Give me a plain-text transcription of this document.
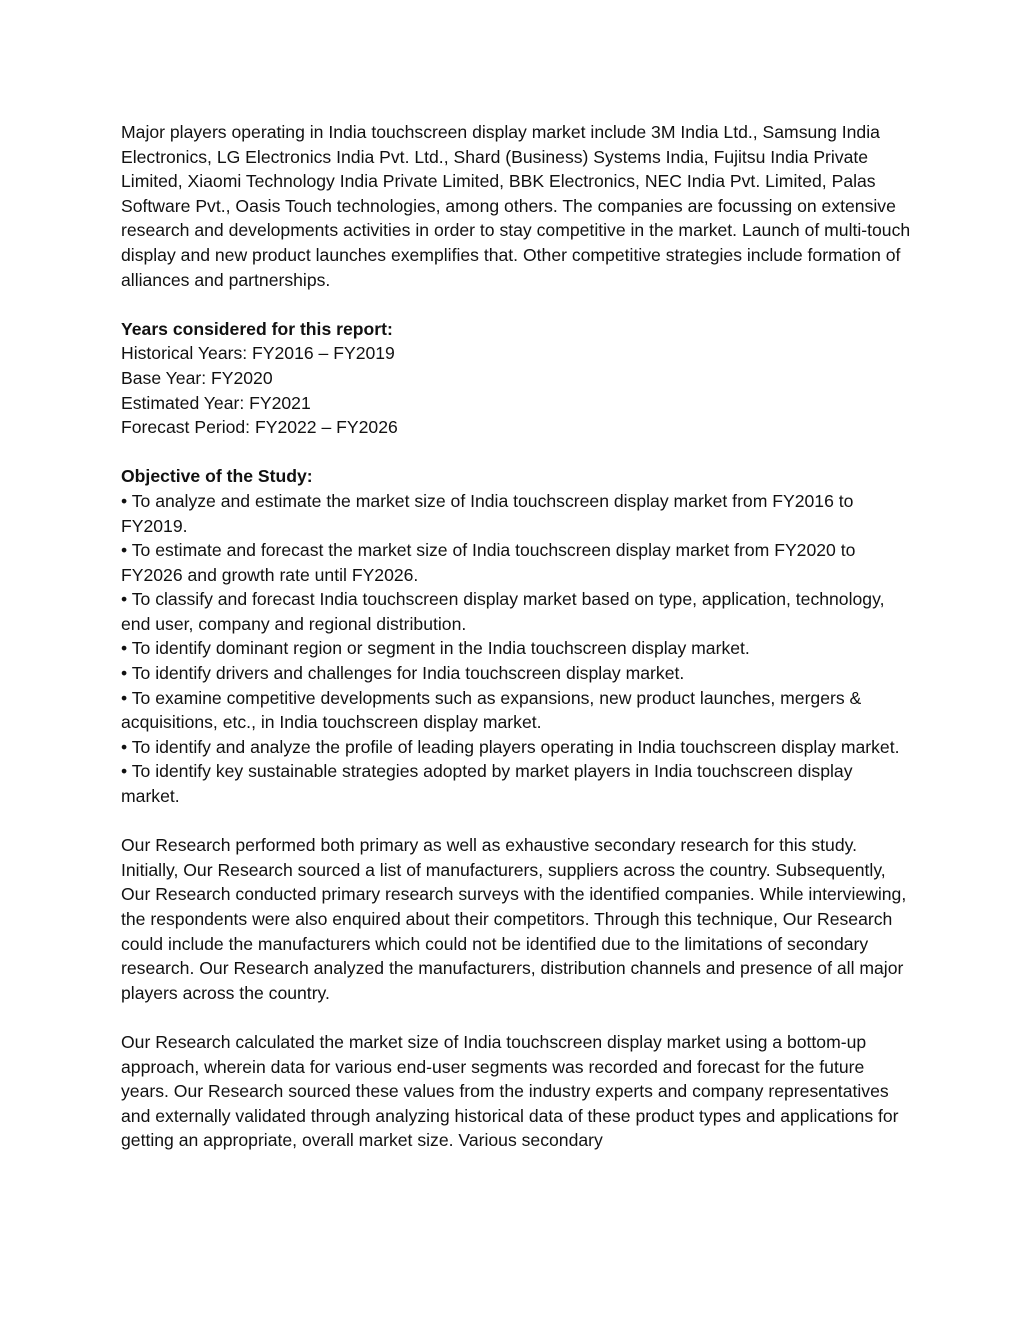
Major players operating in India touchscreen display market include 3M India Ltd., Samsung India Electronics, LG Electronics India Pvt. Ltd., Shard (Business) Systems India, Fujitsu India Private Limited, Xiaomi Technology India Private Limited, BBK Electronics, NEC India Pvt. Limited, Palas Software Pvt., Oasis Touch technologies, among others. The companies are focussing on extensive research and developments activities in order to stay competitive in the market. Launch of multi-touch display and new product launches exemplifies that. Other competitive strategies include formation of alliances and partnerships.

Years considered for this report:

Historical Years: FY2016 – FY2019
Base Year: FY2020
Estimated Year: FY2021
Forecast Period: FY2022 – FY2026

Objective of the Study:

• To analyze and estimate the market size of India touchscreen display market from FY2016 to FY2019.

• To estimate and forecast the market size of India touchscreen display market from FY2020 to FY2026 and growth rate until FY2026.

• To classify and forecast India touchscreen display market based on type, application, technology, end user, company and regional distribution.

• To identify dominant region or segment in the India touchscreen display market.

• To identify drivers and challenges for India touchscreen display market.

• To examine competitive developments such as expansions, new product launches, mergers & acquisitions, etc., in India touchscreen display market.

• To identify and analyze the profile of leading players operating in India touchscreen display market.

• To identify key sustainable strategies adopted by market players in India touchscreen display market.

Our Research performed both primary as well as exhaustive secondary research for this study. Initially, Our Research sourced a list of manufacturers, suppliers across the country. Subsequently, Our Research conducted primary research surveys with the identified companies. While interviewing, the respondents were also enquired about their competitors. Through this technique, Our Research could include the manufacturers which could not be identified due to the limitations of secondary research. Our Research analyzed the manufacturers, distribution channels and presence of all major players across the country.

Our Research calculated the market size of India touchscreen display market using a bottom-up approach, wherein data for various end-user segments was recorded and forecast for the future years. Our Research sourced these values from the industry experts and company representatives and externally validated through analyzing historical data of these product types and applications for getting an appropriate, overall market size. Various secondary
